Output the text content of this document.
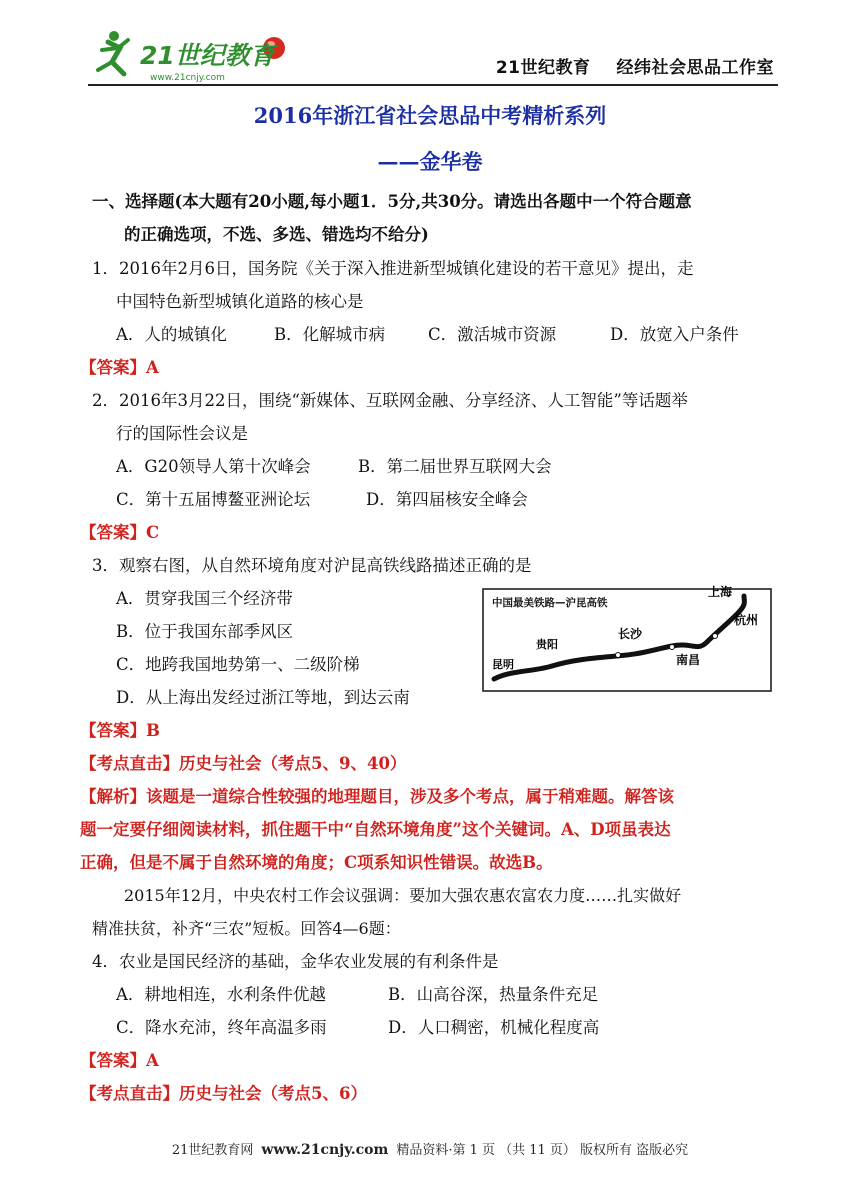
21世纪教育
www.21cnjy.com	21世纪教育 经纬社会思品工作室
2016年浙江省社会思品中考精析系列
——金华卷
一、选择题(本大题有20小题,每小题1．5分,共30分。请选出各题中一个符合题意
的正确选项，不选、多选、错选均不给分)
1．2016年2月6日，国务院《关于深入推进新型城镇化建设的若干意见》提出，走
中国特色新型城镇化道路的核心是
A．人的城镇化	B．化解城市病	C．激活城市资源	D．放宽入户条件
【答案】A
2．2016年3月22日，围绕“新媒体、互联网金融、分享经济、人工智能”等话题举
行的国际性会议是
A．G20领导人第十次峰会	B．第二届世界互联网大会
C．第十五届博鳌亚洲论坛	D．第四届核安全峰会
【答案】C
3．观察右图，从自然环境角度对沪昆高铁线路描述正确的是
A．贯穿我国三个经济带
B．位于我国东部季风区
C．地跨我国地势第一、二级阶梯
D．从上海出发经过浙江等地，到达云南
中国最美铁路—沪昆高铁
上海
杭州
长沙
南昌
贵阳
昆明
【答案】B
【考点直击】历史与社会（考点5、9、40）
【解析】该题是一道综合性较强的地理题目，涉及多个考点，属于稍难题。解答该
题一定要仔细阅读材料，抓住题干中“自然环境角度”这个关键词。A、D项虽表达
正确，但是不属于自然环境的角度；C项系知识性错误。故选B。
2015年12月，中央农村工作会议强调：要加大强农惠农富农力度……扎实做好
精准扶贫，补齐“三农”短板。回答4—6题：
4．农业是国民经济的基础，金华农业发展的有利条件是
A．耕地相连，水利条件优越	B．山高谷深，热量条件充足
C．降水充沛，终年高温多雨	D．人口稠密，机械化程度高
【答案】A
【考点直击】历史与社会（考点5、6）
21世纪教育网 www.21cnjy.com 精品资料·第 1 页 （共 11 页） 版权所有 盗版必究
